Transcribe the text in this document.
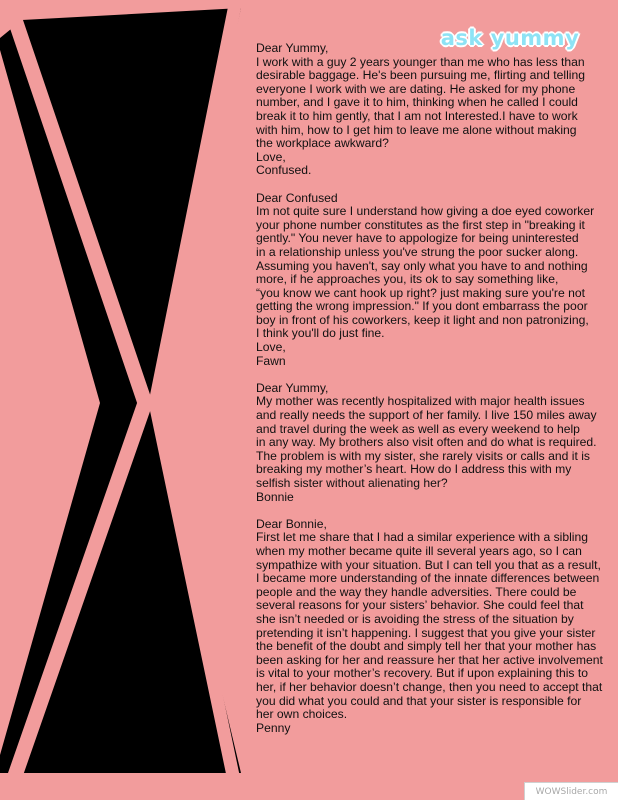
ask yummy
Dear Yummy,
I work with a guy 2 years younger than me who has less than
desirable baggage. He's been pursuing me, flirting and telling
everyone I work with we are dating. He asked for my phone
number, and I gave it to him, thinking when he called I could
break it to him gently, that I am not Interested.I have to work
with him, how to I get him to leave me alone without making
the workplace awkward?
Love,
Confused.
Dear Confused
Im not quite sure I understand how giving a doe eyed coworker
your phone number constitutes as the first step in "breaking it
gently." You never have to appologize for being uninterested
in a relationship unless you've strung the poor sucker along.
Assuming you haven't, say only what you have to and nothing
more, if he approaches you, its ok to say something like,
“you know we cant hook up right? just making sure you're not
getting the wrong impression." If you dont embarrass the poor
boy in front of his coworkers, keep it light and non patronizing,
I think you'll do just fine.
Love,
Fawn
Dear Yummy,
My mother was recently hospitalized with major health issues
and really needs the support of her family. I live 150 miles away
and travel during the week as well as every weekend to help
in any way. My brothers also visit often and do what is required.
The problem is with my sister, she rarely visits or calls and it is
breaking my mother’s heart. How do I address this with my
selfish sister without alienating her?
Bonnie
Dear Bonnie,
First let me share that I had a similar experience with a sibling
when my mother became quite ill several years ago, so I can
sympathize with your situation. But I can tell you that as a result,
I became more understanding of the innate differences between
people and the way they handle adversities. There could be
several reasons for your sisters’ behavior. She could feel that
she isn’t needed or is avoiding the stress of the situation by
pretending it isn’t happening. I suggest that you give your sister
the benefit of the doubt and simply tell her that your mother has
been asking for her and reassure her that her active involvement
is vital to your mother’s recovery. But if upon explaining this to
her, if her behavior doesn’t change, then you need to accept that
you did what you could and that your sister is responsible for
her own choices.
Penny
WOWSlider.com
